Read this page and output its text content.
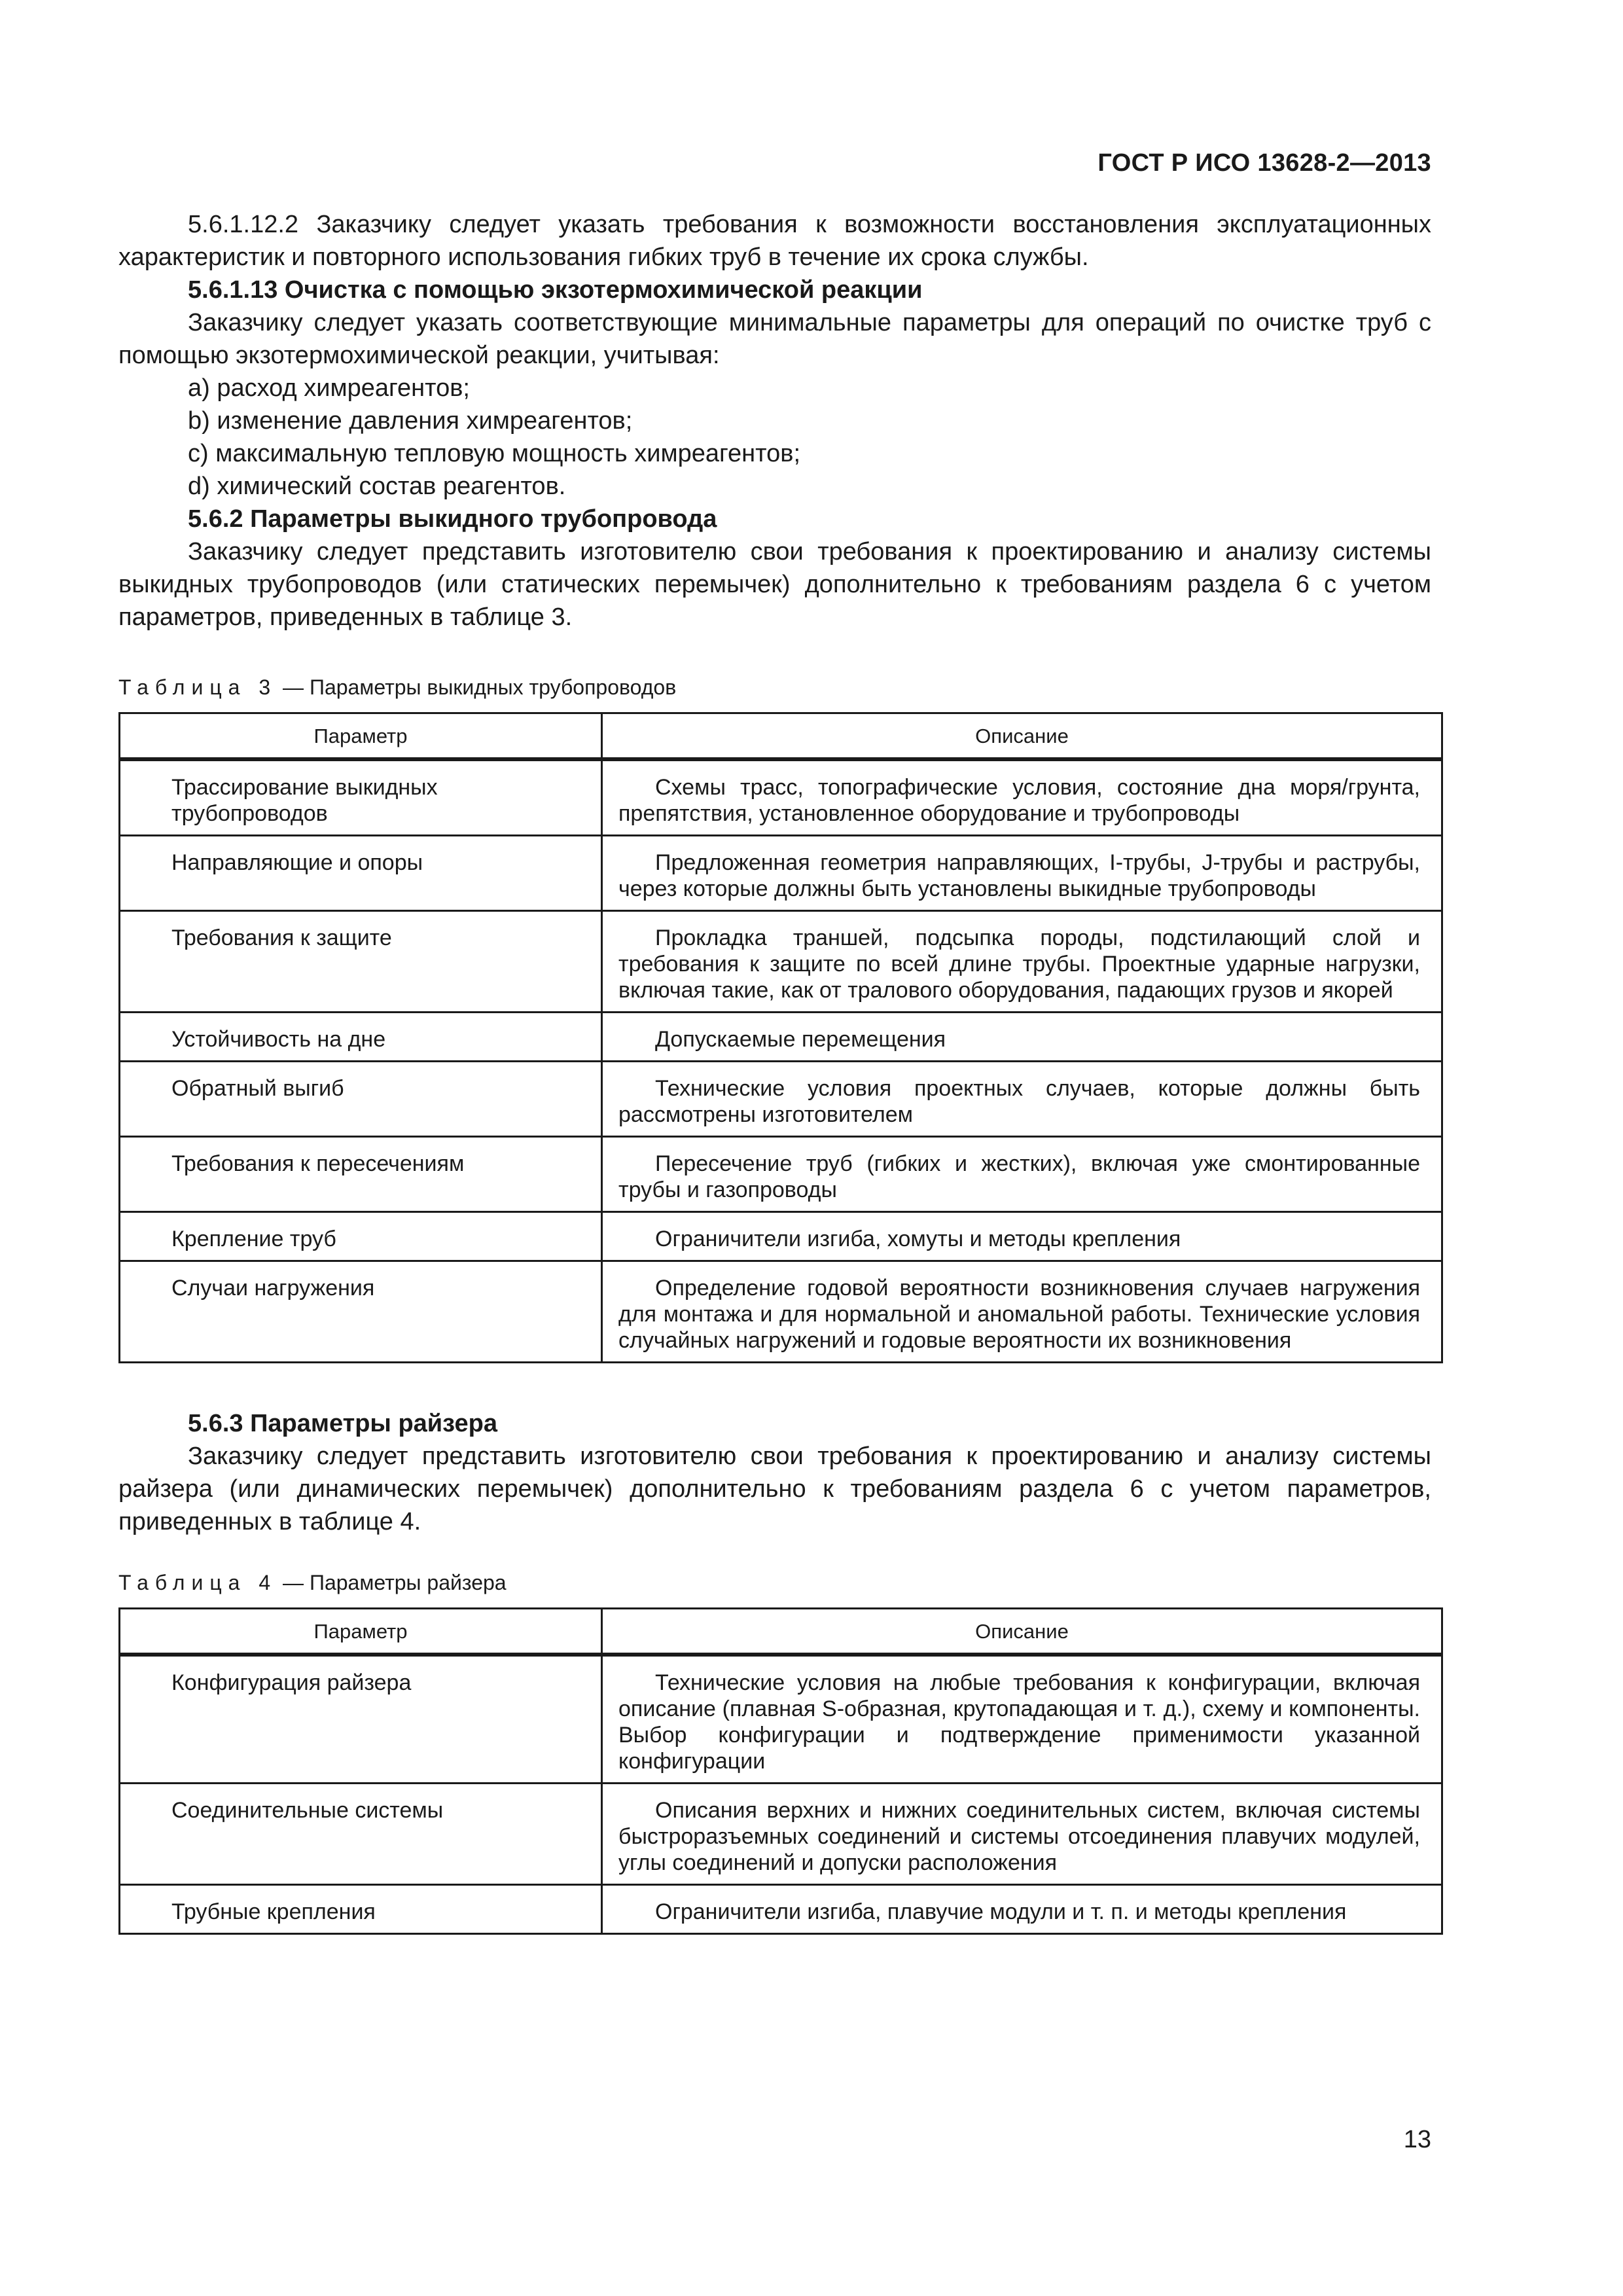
ГОСТ Р ИСО 13628-2—2013

5.6.1.12.2 Заказчику следует указать требования к возможности восстановления эксплуатационных характеристик и повторного использования гибких труб в течение их срока службы.

5.6.1.13 Очистка с помощью экзотермохимической реакции

Заказчику следует указать соответствующие минимальные параметры для операций по очистке труб с помощью экзотермохимической реакции, учитывая:

a) расход химреагентов;

b) изменение давления химреагентов;

c) максимальную тепловую мощность химреагентов;

d) химический состав реагентов.

5.6.2 Параметры выкидного трубопровода

Заказчику следует представить изготовителю свои требования к проектированию и анализу системы выкидных трубопроводов (или статических перемычек) дополнительно к требованиям раздела 6 с учетом параметров, приведенных в таблице 3.

Таблица 3 — Параметры выкидных трубопроводов
Параметр	Описание
Трассирование выкидных трубопроводов	Схемы трасс, топографические условия, состояние дна моря/грунта, препятствия, установленное оборудование и трубопроводы

Направляющие и опоры	Предложенная геометрия направляющих, I-трубы, J-трубы и раструбы, через которые должны быть установлены выкидные трубопроводы

Требования к защите	Прокладка траншей, подсыпка породы, подстилающий слой и требования к защите по всей длине трубы. Проектные ударные нагрузки, включая такие, как от тралового оборудования, падающих грузов и якорей

Устойчивость на дне	Допускаемые перемещения

Обратный выгиб	Технические условия проектных случаев, которые должны быть рассмотрены изготовителем

Требования к пересечениям	Пересечение труб (гибких и жестких), включая уже смонтированные трубы и газопроводы

Крепление труб	Ограничители изгиба, хомуты и методы крепления

Случаи нагружения	Определение годовой вероятности возникновения случаев нагружения для монтажа и для нормальной и аномальной работы. Технические условия случайных нагружений и годовые вероятности их возникновения

5.6.3 Параметры райзера

Заказчику следует представить изготовителю свои требования к проектированию и анализу системы райзера (или динамических перемычек) дополнительно к требованиям раздела 6 с учетом параметров, приведенных в таблице 4.

Таблица 4 — Параметры райзера
Параметр	Описание
Конфигурация райзера	Технические условия на любые требования к конфигурации, включая описание (плавная S-образная, крутопадающая и т. д.), схему и компоненты. Выбор конфигурации и подтверждение применимости указанной конфигурации

Соединительные системы	Описания верхних и нижних соединительных систем, включая системы быстроразъемных соединений и системы отсоединения плавучих модулей, углы соединений и допуски расположения

Трубные крепления	Ограничители изгиба, плавучие модули и т. п. и методы крепления
13
